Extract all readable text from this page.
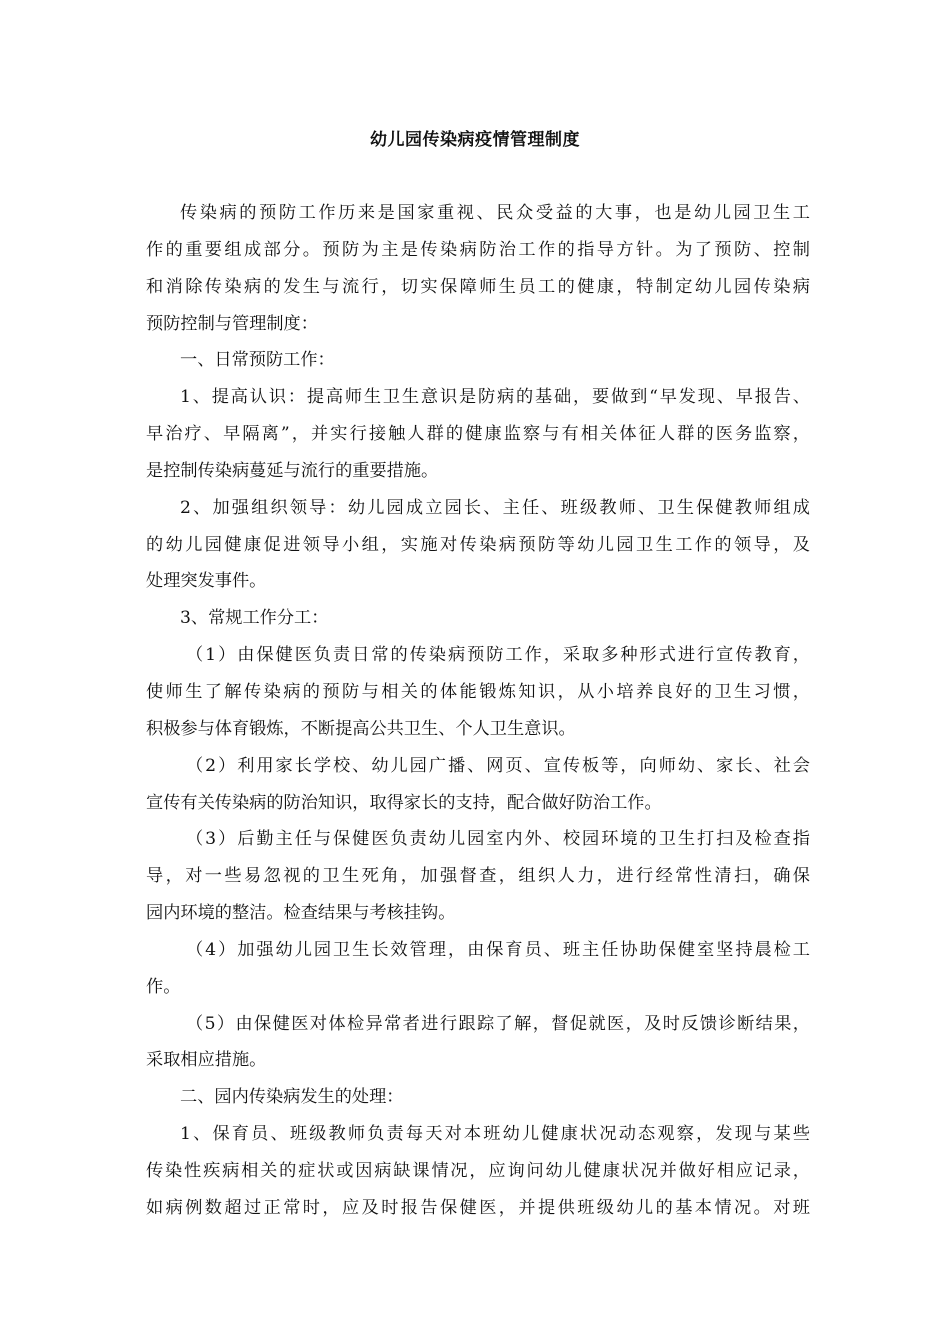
幼儿园传染病疫情管理制度
传染病的预防工作历来是国家重视、民众受益的大事，也是幼儿园卫生工
作的重要组成部分。预防为主是传染病防治工作的指导方针。为了预防、控制
和消除传染病的发生与流行，切实保障师生员工的健康，特制定幼儿园传染病
预防控制与管理制度：
一、日常预防工作：
1、提高认识：提高师生卫生意识是防病的基础，要做到“早发现、早报告、
早治疗、早隔离”，并实行接触人群的健康监察与有相关体征人群的医务监察，
是控制传染病蔓延与流行的重要措施。
2、加强组织领导：幼儿园成立园长、主任、班级教师、卫生保健教师组成
的幼儿园健康促进领导小组，实施对传染病预防等幼儿园卫生工作的领导，及
处理突发事件。
3、常规工作分工：
（1）由保健医负责日常的传染病预防工作，采取多种形式进行宣传教育，
使师生了解传染病的预防与相关的体能锻炼知识，从小培养良好的卫生习惯，
积极参与体育锻炼，不断提高公共卫生、个人卫生意识。
（2）利用家长学校、幼儿园广播、网页、宣传板等，向师幼、家长、社会
宣传有关传染病的防治知识，取得家长的支持，配合做好防治工作。
（3）后勤主任与保健医负责幼儿园室内外、校园环境的卫生打扫及检查指
导，对一些易忽视的卫生死角，加强督查，组织人力，进行经常性清扫，确保
园内环境的整洁。检查结果与考核挂钩。
（4）加强幼儿园卫生长效管理，由保育员、班主任协助保健室坚持晨检工
作。
（5）由保健医对体检异常者进行跟踪了解，督促就医，及时反馈诊断结果，
采取相应措施。
二、园内传染病发生的处理：
1、保育员、班级教师负责每天对本班幼儿健康状况动态观察，发现与某些
传染性疾病相关的症状或因病缺课情况，应询问幼儿健康状况并做好相应记录，
如病例数超过正常时，应及时报告保健医，并提供班级幼儿的基本情况。对班
